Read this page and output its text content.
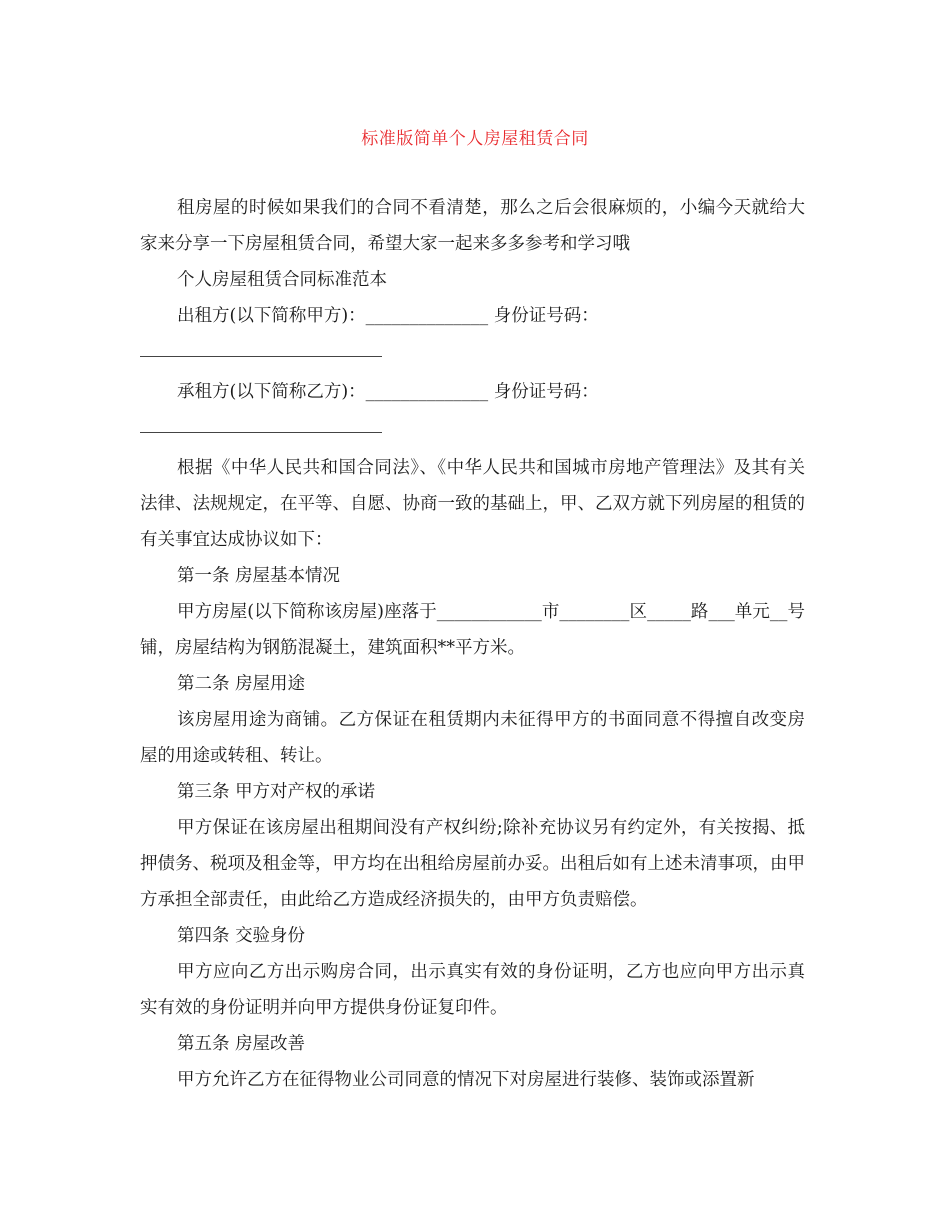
标准版简单个人房屋租赁合同

租房屋的时候如果我们的合同不看清楚，那么之后会很麻烦的，小编今天就给大家来分享一下房屋租赁合同，希望大家一起来多多参考和学习哦

个人房屋租赁合同标准范本

出租方(以下简称甲方)：______________ 身份证号码：

承租方(以下简称乙方)：______________ 身份证号码：

根据《中华人民共和国合同法》、《中华人民共和国城市房地产管理法》及其有关法律、法规规定，在平等、自愿、协商一致的基础上，甲、乙双方就下列房屋的租赁的有关事宜达成协议如下：

第一条 房屋基本情况

甲方房屋(以下简称该房屋)座落于____________市________区_____路___单元__号铺，房屋结构为钢筋混凝土，建筑面积**平方米。

第二条 房屋用途

该房屋用途为商铺。乙方保证在租赁期内未征得甲方的书面同意不得擅自改变房屋的用途或转租、转让。

第三条 甲方对产权的承诺

甲方保证在该房屋出租期间没有产权纠纷;除补充协议另有约定外，有关按揭、抵押债务、税项及租金等，甲方均在出租给房屋前办妥。出租后如有上述未清事项，由甲方承担全部责任，由此给乙方造成经济损失的，由甲方负责赔偿。

第四条 交验身份

甲方应向乙方出示购房合同，出示真实有效的身份证明，乙方也应向甲方出示真实有效的身份证明并向甲方提供身份证复印件。

第五条 房屋改善

甲方允许乙方在征得物业公司同意的情况下对房屋进行装修、装饰或添置新
